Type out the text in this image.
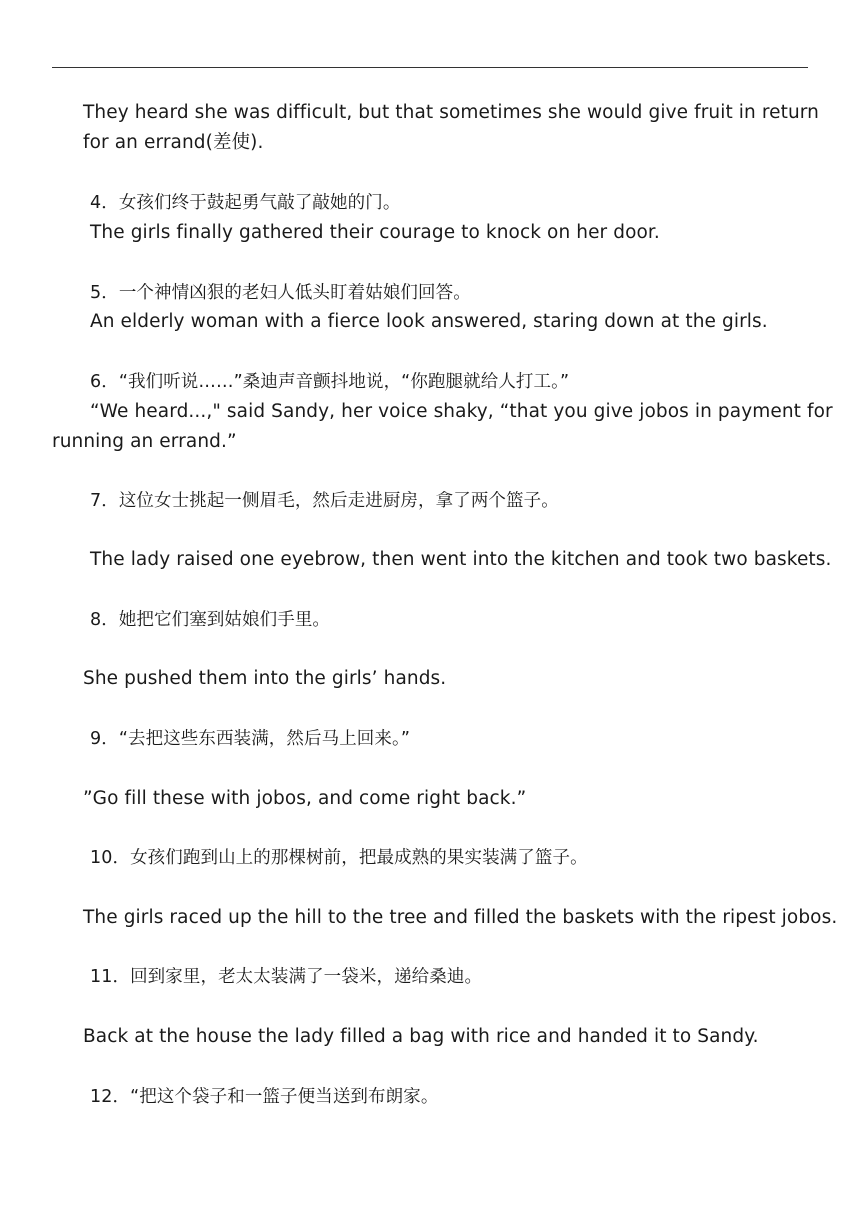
They heard she was difficult, but that sometimes she would give fruit in return
for an errand(差使).
4．女孩们终于鼓起勇气敲了敲她的门。
The girls finally gathered their courage to knock on her door.
5．一个神情凶狠的老妇人低头盯着姑娘们回答。
An elderly woman with a fierce look answered, staring down at the girls.
6．“我们听说……”桑迪声音颤抖地说，“你跑腿就给人打工。”
“We heard...," said Sandy, her voice shaky, “that you give jobos in payment for
running an errand.”
7．这位女士挑起一侧眉毛，然后走进厨房，拿了两个篮子。
The lady raised one eyebrow, then went into the kitchen and took two baskets.
8．她把它们塞到姑娘们手里。
She pushed them into the girls’ hands.
9．“去把这些东西装满，然后马上回来。”
”Go fill these with jobos, and come right back.”
10．女孩们跑到山上的那棵树前，把最成熟的果实装满了篮子。
The girls raced up the hill to the tree and filled the baskets with the ripest jobos.
11．回到家里，老太太装满了一袋米，递给桑迪。
Back at the house the lady filled a bag with rice and handed it to Sandy.
12．“把这个袋子和一篮子便当送到布朗家。
